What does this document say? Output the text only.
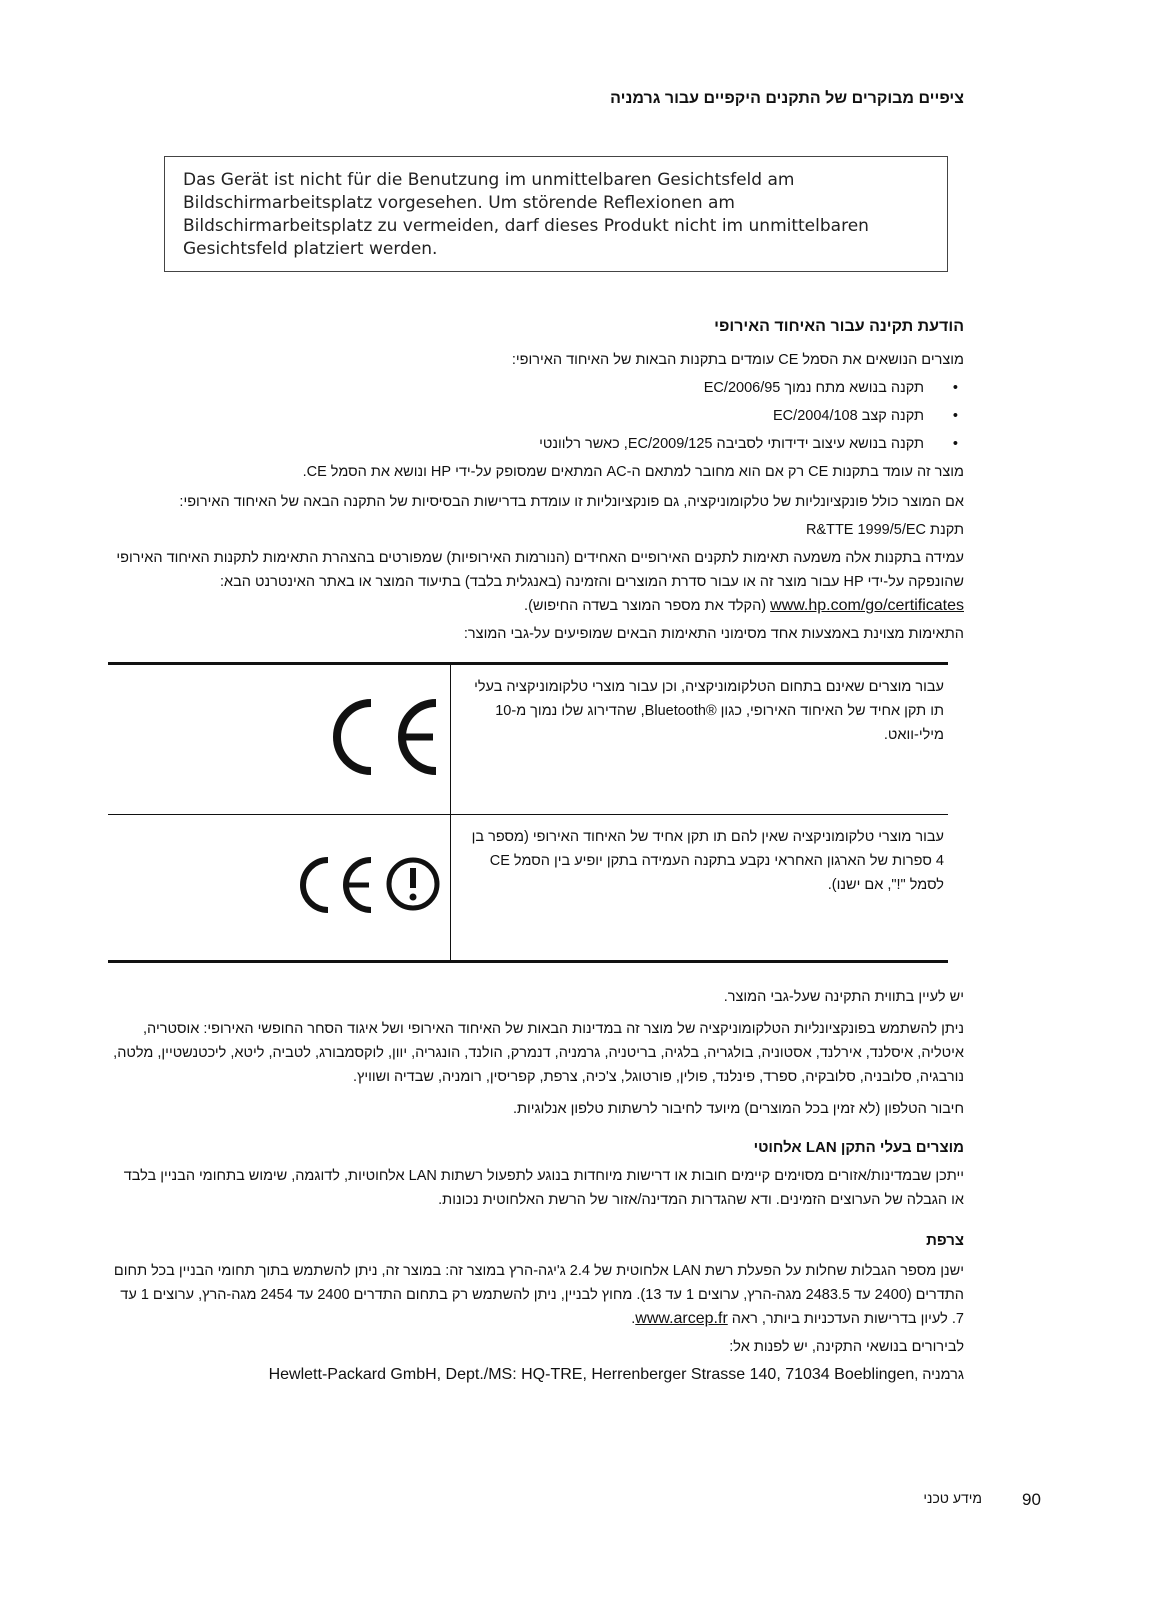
ציפיים מבוקרים של התקנים היקפיים עבור גרמניה
Das Gerät ist nicht für die Benutzung im unmittelbaren Gesichtsfeld am Bildschirmarbeitsplatz vorgesehen. Um störende Reflexionen am Bildschirmarbeitsplatz zu vermeiden, darf dieses Produkt nicht im unmittelbaren Gesichtsfeld platziert werden.
הודעת תקינה עבור האיחוד האירופי

מוצרים הנושאים את הסמל CE עומדים בתקנות הבאות של האיחוד האירופי:

• תקנה בנושא מתח נמוך 2006/95/EC
• תקנה קצב 2004/108/EC
• תקנה בנושא עיצוב ידידותי לסביבה 2009/125/EC, כאשר רלוונטי

מוצר זה עומד בתקנות CE רק אם הוא מחובר למתאם ה-AC המתאים שמסופק על-ידי HP ונושא את הסמל CE.

אם המוצר כולל פונקציונליות של טלקומוניקציה, גם פונקציונליות זו עומדת בדרישות הבסיסיות של התקנה הבאה של האיחוד האירופי:

תקנת R&TTE 1999/5/EC

עמידה בתקנות אלה משמעה תאימות לתקנים האירופיים האחידים (הנורמות האירופיות) שמפורטים בהצהרת התאימות לתקנות האיחוד האירופי שהונפקה על-ידי HP עבור מוצר זה או עבור סדרת המוצרים והזמינה (באנגלית בלבד) בתיעוד המוצר או באתר האינטרנט הבא: www.hp.com/go/certificates (הקלד את מספר המוצר בשדה החיפוש).

התאימות מצוינת באמצעות אחד מסימוני התאימות הבאים שמופיעים על-גבי המוצר:

	עבור מוצרים שאינם בתחום הטלקומוניקציה, וכן עבור מוצרי טלקומוניקציה בעלי תו תקן אחיד של האיחוד האירופי, כגון ®Bluetooth, שהדירוג שלו נמוך מ-10 מילי-וואט.
	עבור מוצרי טלקומוניקציה שאין להם תו תקן אחיד של האיחוד האירופי (מספר בן 4 ספרות של הארגון האחראי נקבע בתקנה העמידה בתקן יופיע בין הסמל CE לסמל "!", אם ישנו).

יש לעיין בתווית התקינה שעל-גבי המוצר.

ניתן להשתמש בפונקציונליות הטלקומוניקציה של מוצר זה במדינות הבאות של האיחוד האירופי ושל איגוד הסחר החופשי האירופי: אוסטריה, איטליה, איסלנד, אירלנד, אסטוניה, בולגריה, בלגיה, בריטניה, גרמניה, דנמרק, הולנד, הונגריה, יוון, לוקסמבורג, לטביה, ליטא, ליכטנשטיין, מלטה, נורבגיה, סלובניה, סלובקיה, ספרד, פינלנד, פולין, פורטוגל, צ'כיה, צרפת, קפריסין, רומניה, שבדיה ושוויץ.

חיבור הטלפון (לא זמין בכל המוצרים) מיועד לחיבור לרשתות טלפון אנלוגיות.

מוצרים בעלי התקן LAN אלחוטי

ייתכן שבמדינות/אזורים מסוימים קיימים חובות או דרישות מיוחדות בנוגע לתפעול רשתות LAN אלחוטיות, לדוגמה, שימוש בתחומי הבניין בלבד או הגבלה של הערוצים הזמינים. ודא שהגדרות המדינה/אזור של הרשת האלחוטית נכונות.

צרפת

ישנן מספר הגבלות שחלות על הפעלת רשת LAN אלחוטית של 2.4 ג'יגה-הרץ במוצר זה: במוצר זה, ניתן להשתמש בתוך תחומי הבניין בכל תחום התדרים (2400 עד 2483.5 מגה-הרץ, ערוצים 1 עד 13). מחוץ לבניין, ניתן להשתמש רק בתחום התדרים 2400 עד 2454 מגה-הרץ, ערוצים 1 עד 7. לעיון בדרישות העדכניות ביותר, ראה www.arcep.fr.

לבירורים בנושאי התקינה, יש לפנות אל:

Hewlett-Packard GmbH, Dept./MS: HQ-TRE, Herrenberger Strasse 140, 71034 Boeblingen, גרמניה

מידע טכני 90
